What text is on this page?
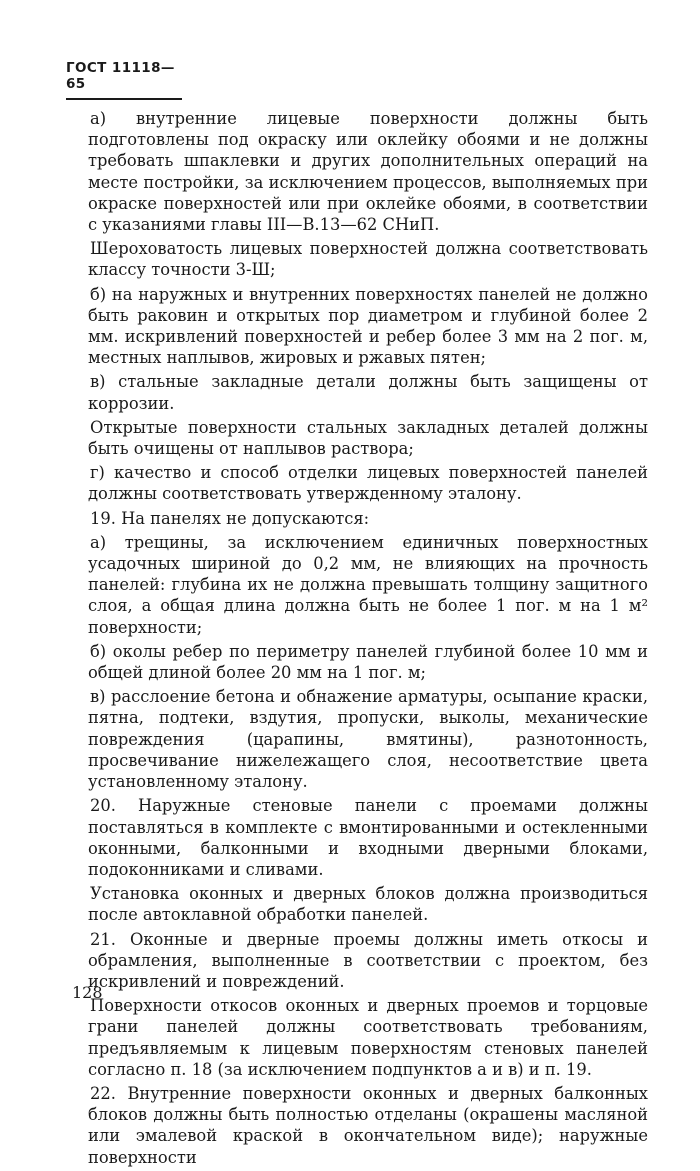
ГОСТ 11118—65

а) внутренние лицевые поверхности должны быть подготовлены под окраску или оклейку обоями и не должны требовать шпаклевки и других дополнительных операций на месте постройки, за исключением процессов, выполняемых при окраске поверхностей или при оклейке обоями, в соответствии с указаниями главы III—В.13—62 СНиП.

Шероховатость лицевых поверхностей должна соответствовать классу точности 3-Ш;

б) на наружных и внутренних поверхностях панелей не должно быть раковин и открытых пор диаметром и глубиной более 2 мм. искривлений поверхностей и ребер более 3 мм на 2 пог. м, местных наплывов, жировых и ржавых пятен;

в) стальные закладные детали должны быть защищены от коррозии.

Открытые поверхности стальных закладных деталей должны быть очищены от наплывов раствора;

г) качество и способ отделки лицевых поверхностей панелей должны соответствовать утвержденному эталону.

19. На панелях не допускаются:

а) трещины, за исключением единичных поверхностных усадочных шириной до 0,2 мм, не влияющих на прочность панелей: глубина их не должна превышать толщину защитного слоя, а общая длина должна быть не более 1 пог. м на 1 м² поверхности;

б) околы ребер по периметру панелей глубиной более 10 мм и общей длиной более 20 мм на 1 пог. м;

в) расслоение бетона и обнажение арматуры, осыпание краски, пятна, подтеки, вздутия, пропуски, выколы, механические повреждения (царапины, вмятины), разнотонность, просвечивание нижележащего слоя, несоответствие цвета установленному эталону.

20. Наружные стеновые панели с проемами должны поставляться в комплекте с вмонтированными и остекленными оконными, балконными и входными дверными блоками, подоконниками и сливами.

Установка оконных и дверных блоков должна производиться после автоклавной обработки панелей.

21. Оконные и дверные проемы должны иметь откосы и обрамления, выполненные в соответствии с проектом, без искривлений и повреждений.

Поверхности откосов оконных и дверных проемов и торцовые грани панелей должны соответствовать требованиям, предъявляемым к лицевым поверхностям стеновых панелей согласно п. 18 (за исключением подпунктов а и в) и п. 19.

22. Внутренние поверхности оконных и дверных балконных блоков должны быть полностью отделаны (окрашены масляной или эмалевой краской в окончательном виде); наружные поверхности

128
